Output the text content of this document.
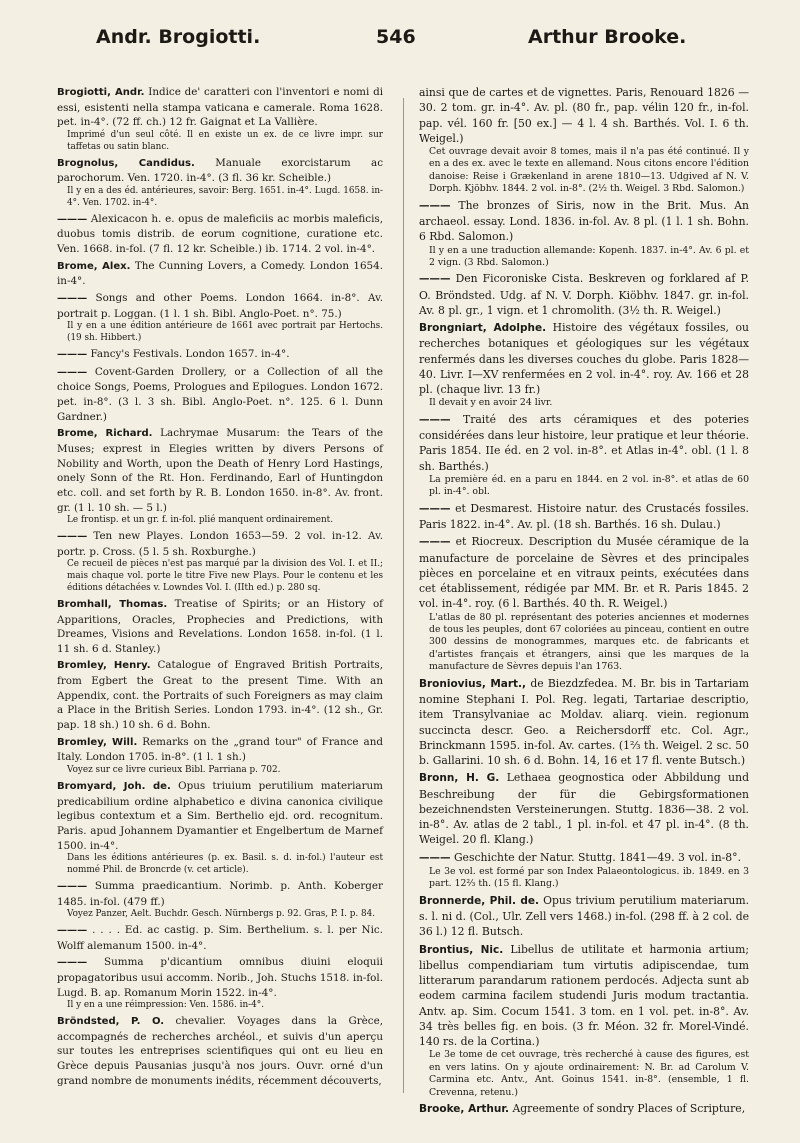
Andr. Brogiotti.	546	Arthur Brooke.
Brogiotti, Andr. Indice de' caratteri con l'inventori e nomi di essi, esistenti nella stampa vaticana e camerale. Roma 1628. pet. in-4°. (72 ff. ch.) 12 fr. Gaignat et La Vallière.
Imprimé d'un seul côté. Il en existe un ex. de ce livre impr. sur taffetas ou satin blanc.
Brognolus, Candidus. Manuale exorcistarum ac parochorum. Ven. 1720. in-4°. (3 fl. 36 kr. Scheible.)
Il y en a des éd. antérieures, savoir: Berg. 1651. in-4°. Lugd. 1658. in-4°. Ven. 1702. in-4°.
——— Alexicacon h. e. opus de maleficiis ac morbis maleficis, duobus tomis distrib. de eorum cognitione, curatione etc. Ven. 1668. in-fol. (7 fl. 12 kr. Scheible.) ib. 1714. 2 vol. in-4°.
Brome, Alex. The Cunning Lovers, a Comedy. London 1654. in-4°.
——— Songs and other Poems. London 1664. in-8°. Av. portrait p. Loggan. (1 l. 1 sh. Bibl. Anglo-Poet. n°. 75.)
Il y en a une édition antérieure de 1661 avec portrait par Hertochs. (19 sh. Hibbert.)
——— Fancy's Festivals. London 1657. in-4°.
——— Covent-Garden Drollery, or a Collection of all the choice Songs, Poems, Prologues and Epilogues. London 1672. pet. in-8°. (3 l. 3 sh. Bibl. Anglo-Poet. n°. 125. 6 l. Dunn Gardner.)
Brome, Richard. Lachrymae Musarum: the Tears of the Muses; exprest in Elegies written by divers Persons of Nobility and Worth, upon the Death of Henry Lord Hastings, onely Sonn of the Rt. Hon. Ferdinando, Earl of Huntingdon etc. coll. and set forth by R. B. London 1650. in-8°. Av. front. gr. (1 l. 10 sh. — 5 l.)
Le frontisp. et un gr. f. in-fol. plié manquent ordinairement.
——— Ten new Playes. London 1653—59. 2 vol. in-12. Av. portr. p. Cross. (5 l. 5 sh. Roxburghe.)
Ce recueil de pièces n'est pas marqué par la division des Vol. I. et II.; mais chaque vol. porte le titre Five new Plays. Pour le contenu et les éditions détachées v. Lowndes Vol. I. (IIth ed.) p. 280 sq.
Bromhall, Thomas. Treatise of Spirits; or an History of Apparitions, Oracles, Prophecies and Predictions, with Dreames, Visions and Revelations. London 1658. in-fol. (1 l. 11 sh. 6 d. Stanley.)
Bromley, Henry. Catalogue of Engraved British Portraits, from Egbert the Great to the present Time. With an Appendix, cont. the Portraits of such Foreigners as may claim a Place in the British Series. London 1793. in-4°. (12 sh., Gr. pap. 18 sh.) 10 sh. 6 d. Bohn.
Bromley, Will. Remarks on the „grand tour" of France and Italy. London 1705. in-8°. (1 l. 1 sh.)
Voyez sur ce livre curieux Bibl. Parriana p. 702.
Bromyard, Joh. de. Opus triuium perutilium materiarum predicabilium ordine alphabetico e divina canonica civilique legibus contextum et a Sim. Berthelio ejd. ord. recognitum. Paris. apud Johannem Dyamantier et Engelbertum de Marnef 1500. in-4°.
Dans les éditions antérieures (p. ex. Basil. s. d. in-fol.) l'auteur est nommé Phil. de Broncrde (v. cet article).
——— Summa praedicantium. Norimb. p. Anth. Koberger 1485. in-fol. (479 ff.)
Voyez Panzer, Aelt. Buchdr. Gesch. Nürnbergs p. 92. Gras, P. I. p. 84.
——— . . . . Ed. ac castig. p. Sim. Berthelium. s. l. per Nic. Wolff alemanum 1500. in-4°.
——— Summa p'dicantium omnibus diuini eloquii propagatoribus usui accomm. Norib., Joh. Stuchs 1518. in-fol. Lugd. B. ap. Romanum Morin 1522. in-4°.
Il y en a une réimpression: Ven. 1586. in-4°.
Bröndsted, P. O. chevalier. Voyages dans la Grèce, accompagnés de recherches archéol., et suivis d'un aperçu sur toutes les entreprises scientifiques qui ont eu lieu en Grèce depuis Pausanias jusqu'à nos jours. Ouvr. orné d'un grand nombre de monuments inédits, récemment découverts,
ainsi que de cartes et de vignettes. Paris, Renouard 1826 —30. 2 tom. gr. in-4°. Av. pl. (80 fr., pap. vélin 120 fr., in-fol. pap. vél. 160 fr. [50 ex.] — 4 l. 4 sh. Barthés. Vol. I. 6 th. Weigel.)
Cet ouvrage devait avoir 8 tomes, mais il n'a pas été continué. Il y en a des ex. avec le texte en allemand. Nous citons encore l'édition danoise: Reise i Grækenland in arene 1810—13. Udgived af N. V. Dorph. Kjöbhv. 1844. 2 vol. in-8°. (2½ th. Weigel. 3 Rbd. Salomon.)
——— The bronzes of Siris, now in the Brit. Mus. An archaeol. essay. Lond. 1836. in-fol. Av. 8 pl. (1 l. 1 sh. Bohn. 6 Rbd. Salomon.)
Il y en a une traduction allemande: Kopenh. 1837. in-4°. Av. 6 pl. et 2 vign. (3 Rbd. Salomon.)
——— Den Ficoroniske Cista. Beskreven og forklared af P. O. Bröndsted. Udg. af N. V. Dorph. Kiöbhv. 1847. gr. in-fol. Av. 8 pl. gr., 1 vign. et 1 chromolith. (3½ th. R. Weigel.)
Brongniart, Adolphe. Histoire des végétaux fossiles, ou recherches botaniques et géologiques sur les végétaux renfermés dans les diverses couches du globe. Paris 1828—40. Livr. I—XV renfermées en 2 vol. in-4°. roy. Av. 166 et 28 pl. (chaque livr. 13 fr.)
Il devait y en avoir 24 livr.
——— Traité des arts céramiques et des poteries considérées dans leur histoire, leur pratique et leur théorie. Paris 1854. IIe éd. en 2 vol. in-8°. et Atlas in-4°. obl. (1 l. 8 sh. Barthés.)
La première éd. en a paru en 1844. en 2 vol. in-8°. et atlas de 60 pl. in-4°. obl.
——— et Desmarest. Histoire natur. des Crustacés fossiles. Paris 1822. in-4°. Av. pl. (18 sh. Barthés. 16 sh. Dulau.)
——— et Riocreux. Description du Musée céramique de la manufacture de porcelaine de Sèvres et des principales pièces en porcelaine et en vitraux peints, exécutées dans cet établissement, rédigée par MM. Br. et R. Paris 1845. 2 vol. in-4°. roy. (6 l. Barthés. 40 th. R. Weigel.)
L'atlas de 80 pl. représentant des poteries anciennes et modernes de tous les peuples, dont 67 coloriées au pinceau, contient en outre 300 dessins de monogrammes, marques etc. de fabricants et d'artistes français et étrangers, ainsi que les marques de la manufacture de Sèvres depuis l'an 1763.
Broniovius, Mart., de Biezdzfedea. M. Br. bis in Tartariam nomine Stephani I. Pol. Reg. legati, Tartariae descriptio, item Transylvaniae ac Moldav. aliarq. viein. regionum succincta descr. Geo. a Reichersdorff etc. Col. Agr., Brinckmann 1595. in-fol. Av. cartes. (1⅔ th. Weigel. 2 sc. 50 b. Gallarini. 10 sh. 6 d. Bohn. 14, 16 et 17 fl. vente Butsch.)
Bronn, H. G. Lethaea geognostica oder Abbildung und Beschreibung der für die Gebirgsformationen bezeichnendsten Versteinerungen. Stuttg. 1836—38. 2 vol. in-8°. Av. atlas de 2 tabl., 1 pl. in-fol. et 47 pl. in-4°. (8 th. Weigel. 20 fl. Klang.)
——— Geschichte der Natur. Stuttg. 1841—49. 3 vol. in-8°.
Le 3e vol. est formé par son Index Palaeontologicus. ib. 1849. en 3 part. 12⅔ th. (15 fl. Klang.)
Bronnerde, Phil. de. Opus trivium perutilium materiarum. s. l. ni d. (Col., Ulr. Zell vers 1468.) in-fol. (298 ff. à 2 col. de 36 l.) 12 fl. Butsch.
Brontius, Nic. Libellus de utilitate et harmonia artium; libellus compendiariam tum virtutis adipiscendae, tum litterarum parandarum rationem perdocés. Adjecta sunt ab eodem carmina facilem studendi Juris modum tractantia. Antv. ap. Sim. Cocum 1541. 3 tom. en 1 vol. pet. in-8°. Av. 34 très belles fig. en bois. (3 fr. Méon. 32 fr. Morel-Vindé. 140 rs. de la Cortina.)
Le 3e tome de cet ouvrage, très recherché à cause des figures, est en vers latins. On y ajoute ordinairement: N. Br. ad Carolum V. Carmina etc. Antv., Ant. Goinus 1541. in-8°. (ensemble, 1 fl. Crevenna, retenu.)
Brooke, Arthur. Agreemente of sondry Places of Scripture,
